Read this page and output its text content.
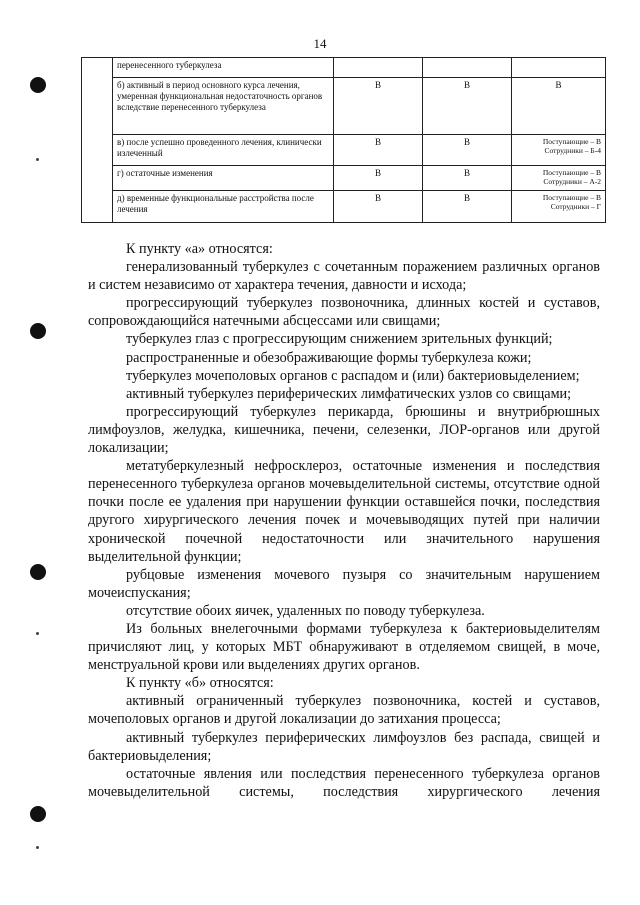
14
	перенесенного туберкулеза			

	б) активный в период основного курса лечения, умеренная функциональная недостаточность органов вследствие перенесенного туберкулеза	В	В	В

	в) после успешно проведенного лечения, клинически излеченный	В	В	Поступающие – В Сотрудники – Б-4

	г) остаточные изменения	В	В	Поступающие – В Сотрудники – А-2

	д) временные функциональные расстройства после лечения	В	В	Поступающие – В Сотрудники – Г

К пункту «а» относятся:

генерализованный туберкулез с сочетанным поражением различных органов и систем независимо от характера течения, давности и исхода;

прогрессирующий туберкулез позвоночника, длинных костей и суставов, сопровождающийся натечными абсцессами или свищами;

туберкулез глаз с прогрессирующим снижением зрительных функций;

распространенные и обезображивающие формы туберкулеза кожи;

туберкулез мочеполовых органов с распадом и (или) бактериовыделением;

активный туберкулез периферических лимфатических узлов со свищами;

прогрессирующий туберкулез перикарда, брюшины и внутрибрюшных лимфоузлов, желудка, кишечника, печени, селезенки, ЛОР-органов или другой локализации;

метатуберкулезный нефросклероз, остаточные изменения и последствия перенесенного туберкулеза органов мочевыделительной системы, отсутствие одной почки после ее удаления при нарушении функции оставшейся почки, последствия другого хирургического лечения почек и мочевыводящих путей при наличии хронической почечной недостаточности или значительного нарушения выделительной функции;

рубцовые изменения мочевого пузыря со значительным нарушением мочеиспускания;

отсутствие обоих яичек, удаленных по поводу туберкулеза.

Из больных внелегочными формами туберкулеза к бактериовыделителям причисляют лиц, у которых МБТ обнаруживают в отделяемом свищей, в моче, менструальной крови или выделениях других органов.

К пункту «б» относятся:

активный ограниченный туберкулез позвоночника, костей и суставов, мочеполовых органов и другой локализации до затихания процесса;

активный туберкулез периферических лимфоузлов без распада, свищей и бактериовыделения;

остаточные явления или последствия перенесенного туберкулеза органов мочевыделительной системы, последствия хирургического лечения
